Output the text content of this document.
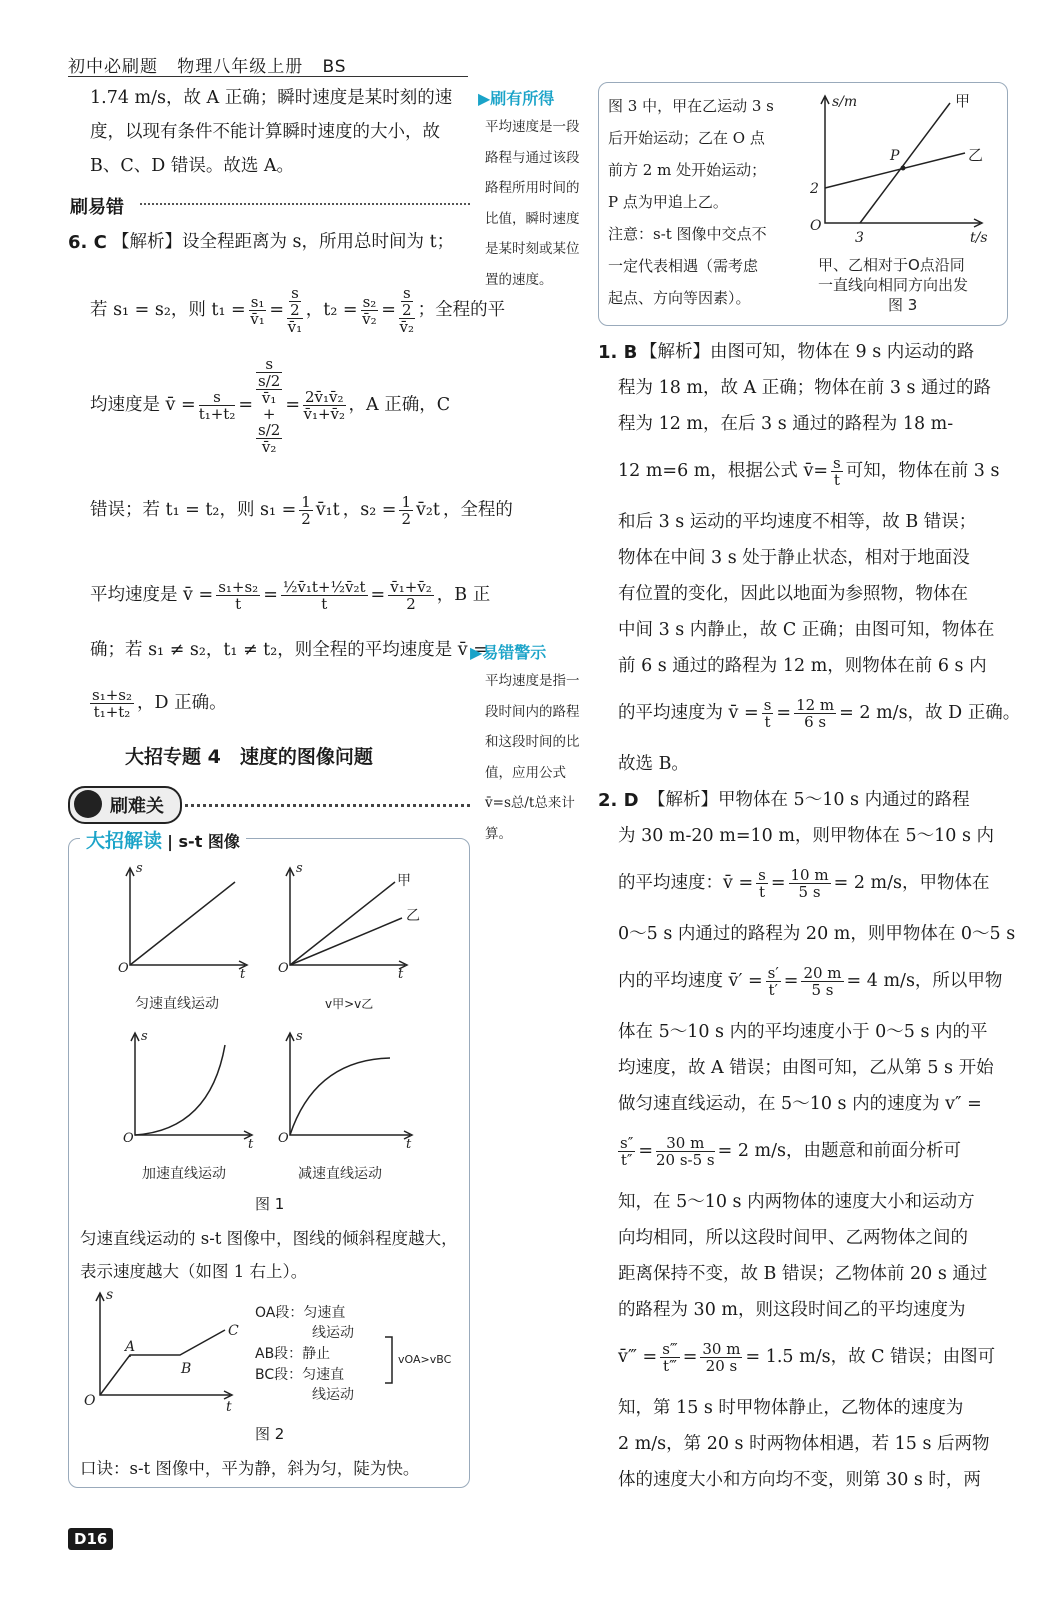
初中必刷题 物理八年级上册 BS
1.74 m/s，故 A 正确；瞬时速度是某时刻的速
度，以现有条件不能计算瞬时速度的大小，故
B、C、D 错误。故选 A。
刷易错
6. C 【解析】设全程距离为 s，所用总时间为 t；
若 s₁ = s₂，则 $t_1 = \frac{\text{s₁}}{\text{v̄₁}} = s$
2
v̄₁ ，$t_2 = \frac{\text{s₂}}{\text{v̄₂}} = s$
2
v̄₂ ；全程的平
均速度是 v̄ = $\frac{s}{\text{t₁+t₂}} = s$
s/2
v̄₁
+
s/2
v̄₂ = $\frac{\text{2v̄₁v̄₂}}{\text{v̄₁+v̄₂}}$ ，A 正确，C
错误；若 t₁ = t₂，则 $s_1 = \frac{1}{2}$ v̄₁t ，$s_2 = \frac{1}{2}$ v̄₂t ，全程的
平均速度是 v̄ = $\frac{\text{s₁+s₂}}{t} = \frac{\text{½v̄₁t+½v̄₂t}}{t} = \frac{\text{v̄₁+v̄₂}}{2}$ ，B 正
确；若 s₁ ≠ s₂，t₁ ≠ t₂，则全程的平均速度是 v̄ =
$\frac{\text{s₁+s₂}}{\text{t₁+t₂}}$ ，D 正确。
▶刷有所得
平均速度是一段路程与通过该段路程所用时间的比值，瞬时速度是某时刻或某位置的速度。
▶易错警示
平均速度是指一段时间内的路程和这段时间的比值，应用公式 v̄=s总/t总来计算。
大招专题 4　速度的图像问题
刷难关
大招解读 | s-t 图像
s
O	t
s
O	t
s
O	t
s
O	t
甲
乙
匀速直线运动	v甲>v乙
加速直线运动	减速直线运动
图 1
匀速直线运动的 s-t 图像中，图线的倾斜程度越大，表示速度越大（如图 1 右上）。
s
O	t
A
B
C
OA段：匀速直
线运动
AB段：静止
BC段：匀速直
线运动
vOA>vBC
图 2
口诀：s-t 图像中，平为静，斜为匀，陡为快。
图 3 中，甲在乙运动 3 s
后开始运动；乙在 O 点
前方 2 m 处开始运动；
P 点为甲追上乙。
注意：s-t 图像中交点不
一定代表相遇（需考虑
起点、方向等因素）。
s/m
P
2
O
3	t/s
甲
乙
甲、乙相对于O点沿同
一直线向相同方向出发
图 3
1. B 【解析】由图可知，物体在 9 s 内运动的路
程为 18 m，故 A 正确；物体在前 3 s 通过的路
程为 12 m，在后 3 s 通过的路程为 18 m-
12 m=6 m，根据公式 v̄= $\frac{s}{t}$ 可知，物体在前 3 s
和后 3 s 运动的平均速度不相等，故 B 错误；
物体在中间 3 s 处于静止状态，相对于地面没
有位置的变化，因此以地面为参照物，物体在
中间 3 s 内静止，故 C 正确；由图可知，物体在
前 6 s 通过的路程为 12 m，则物体在前 6 s 内
的平均速度为 v̄ = $\frac{s}{t} = \frac{12 m}{6 s} = 2$ m/s，故 D 正确。
故选 B。
2. D 【解析】甲物体在 5～10 s 内通过的路程
为 30 m-20 m=10 m，则甲物体在 5～10 s 内
的平均速度：v̄ = $\frac{s}{t} = \frac{10 m}{5 s} = 2$ m/s，甲物体在
0～5 s 内通过的路程为 20 m，则甲物体在 0～5 s
内的平均速度 v̄′ = $\frac{s'}{t'} = \frac{20 m}{5 s} = 4$ m/s，所以甲物
体在 5～10 s 内的平均速度小于 0～5 s 内的平
均速度，故 A 错误；由图可知，乙从第 5 s 开始
做匀速直线运动，在 5～10 s 内的速度为 v″ =
$\frac{s''}{t''} = \frac{30 m}{20 s-5 s} = 2$ m/s，由题意和前面分析可
知，在 5～10 s 内两物体的速度大小和运动方
向均相同，所以这段时间甲、乙两物体之间的
距离保持不变，故 B 错误；乙物体前 20 s 通过
的路程为 30 m，则这段时间乙的平均速度为
v̄‴ = $\frac{s‴}{t‴} = \frac{30 m}{20 s} = 1.5$ m/s，故 C 错误；由图可
知，第 15 s 时甲物体静止，乙物体的速度为
2 m/s，第 20 s 时两物体相遇，若 15 s 后两物
体的速度大小和方向均不变，则第 30 s 时，两
D16
